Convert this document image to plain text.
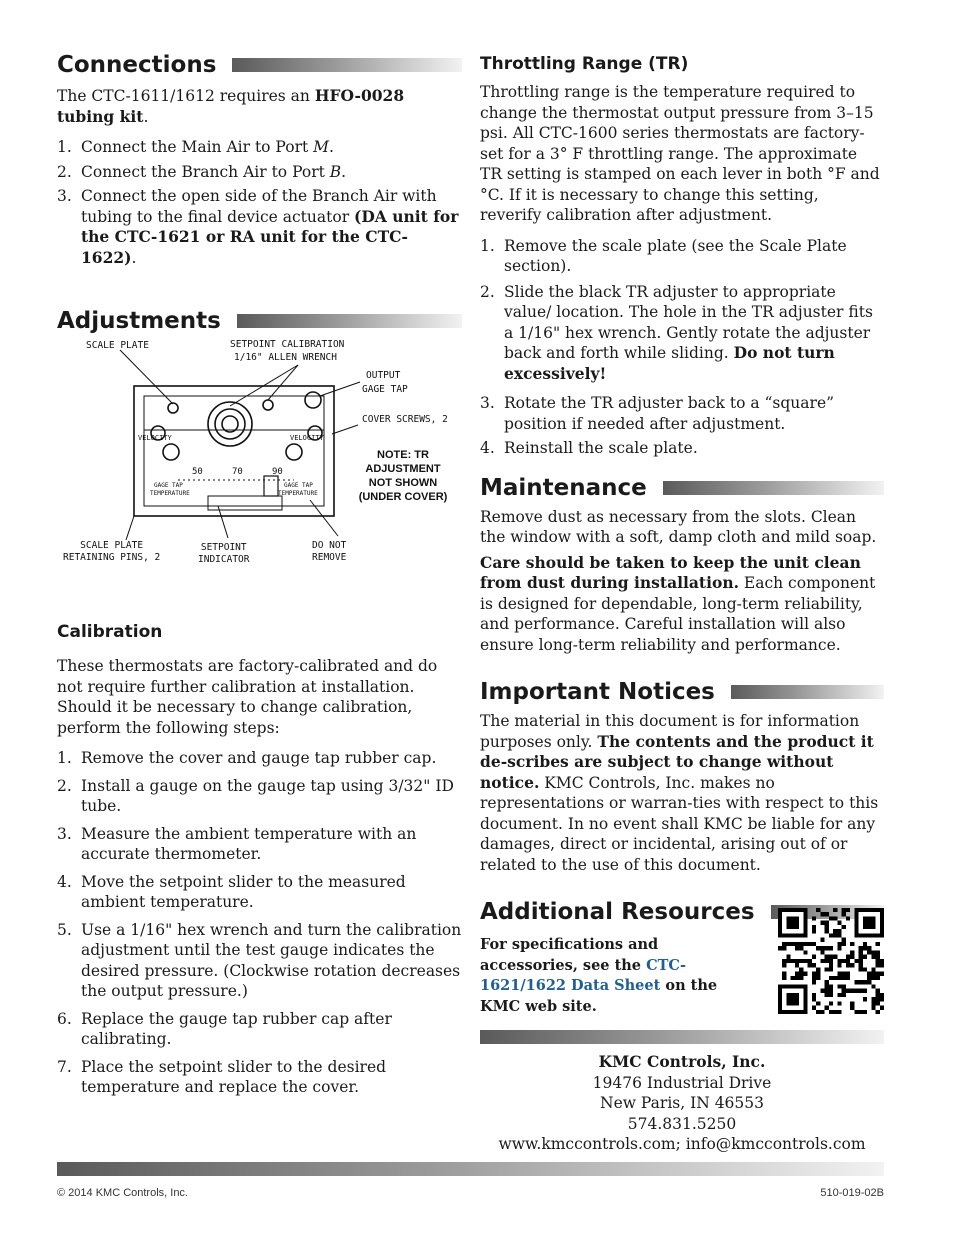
Connections

The CTC-1611/1612 requires an HFO-0028 tubing kit.

1. Connect the Main Air to Port M.
2. Connect the Branch Air to Port B.
3. Connect the open side of the Branch Air with tubing to the final device actuator (DA unit for the CTC-1621 or RA unit for the CTC-1622).
Adjustments
Calibration

These thermostats are factory-calibrated and do not require further calibration at installation. Should it be necessary to change calibration, perform the following steps:

1. Remove the cover and gauge tap rubber cap.
2. Install a gauge on the gauge tap using 3/32" ID tube.
3. Measure the ambient temperature with an accurate thermometer.
4. Move the setpoint slider to the measured ambient temperature.
5. Use a 1/16" hex wrench and turn the calibration adjustment until the test gauge indicates the desired pressure. (Clockwise rotation decreases the output pressure.)
6. Replace the gauge tap rubber cap after calibrating.
7. Place the setpoint slider to the desired temperature and replace the cover.
SCALE PLATE	SETPOINT CALIBRATION
1/16" ALLEN WRENCH
OUTPUT
GAGE TAP
COVER SCREWS, 2
NOTE: TR
ADJUSTMENT
NOT SHOWN
(UNDER COVER)
SCALE PLATE
RETAINING PINS, 2
SETPOINT
INDICATOR
DO NOT
REMOVE
VELOCITY	VELOCITY
50	70	90
GAGE TAP
TEMPERATURE
GAGE TAP
TEMPERATURE
Throttling Range (TR)

Throttling range is the temperature required to change the thermostat output pressure from 3–15 psi. All CTC-1600 series thermostats are factory-set for a 3° F throttling range. The approximate TR setting is stamped on each lever in both °F and °C. If it is necessary to change this setting, reverify calibration after adjustment.

1. Remove the scale plate (see the Scale Plate section).
2. Slide the black TR adjuster to appropriate value/ location. The hole in the TR adjuster fits a 1/16" hex wrench. Gently rotate the adjuster back and forth while sliding. Do not turn excessively!
3. Rotate the TR adjuster back to a “square” position if needed after adjustment.
4. Reinstall the scale plate.
Maintenance

Remove dust as necessary from the slots. Clean the window with a soft, damp cloth and mild soap.

Care should be taken to keep the unit clean from dust during installation. Each component is designed for dependable, long-term reliability, and performance. Careful installation will also ensure long-term reliability and performance.

Important Notices

The material in this document is for information purposes only. The contents and the product it de-scribes are subject to change without notice. KMC Controls, Inc. makes no representations or warran-ties with respect to this document. In no event shall KMC be liable for any damages, direct or incidental, arising out of or related to the use of this document.

Additional Resources

For specifications and accessories, see the CTC-1621/1622 Data Sheet on the KMC web site.

KMC Controls, Inc.
19476 Industrial Drive
New Paris, IN 46553
574.831.5250
www.kmccontrols.com; info@kmccontrols.com
© 2014 KMC Controls, Inc.	510-019-02B
